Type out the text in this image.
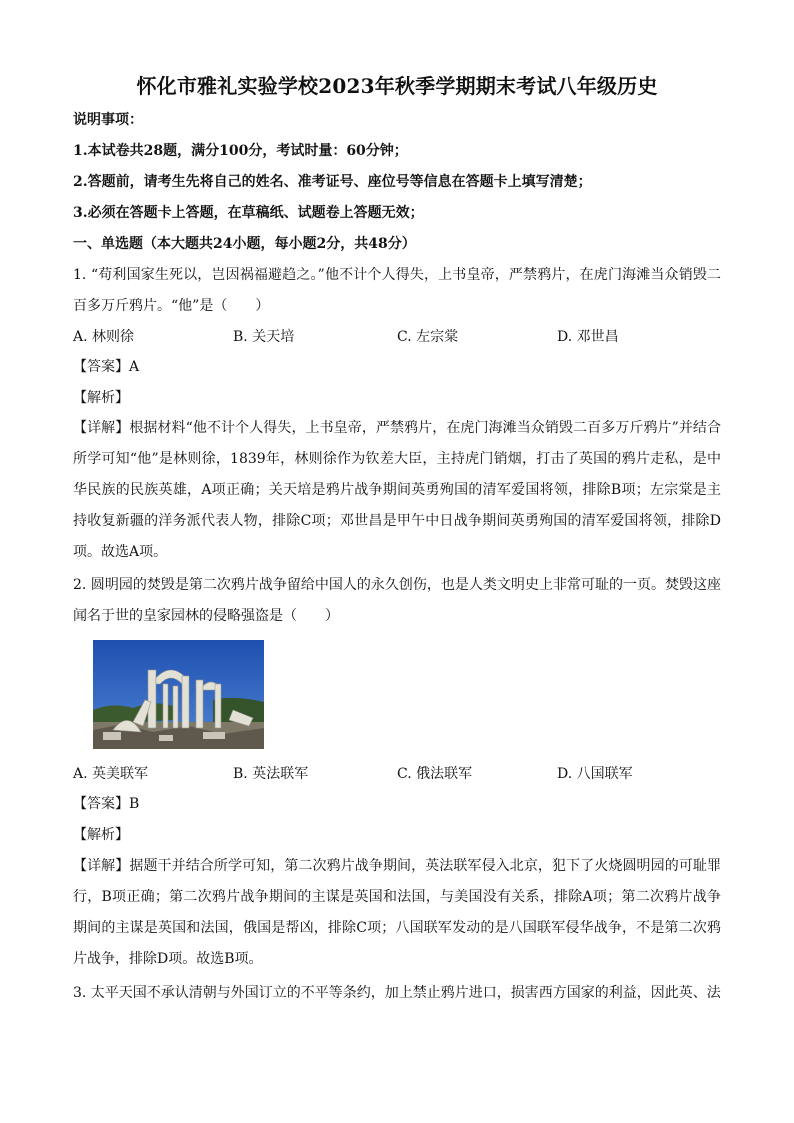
怀化市雅礼实验学校2023年秋季学期期末考试八年级历史
说明事项：
1.本试卷共28题，满分100分，考试时量：60分钟；
2.答题前，请考生先将自己的姓名、准考证号、座位号等信息在答题卡上填写清楚；
3.必须在答题卡上答题，在草稿纸、试题卷上答题无效；
一、单选题（本大题共24小题，每小题2分，共48分）
1. “苟利国家生死以，岂因祸福避趋之。”他不计个人得失，上书皇帝，严禁鸦片，在虎门海滩当众销毁二百多万斤鸦片。“他”是（　　）
A. 林则徐	B. 关天培	C. 左宗棠	D. 邓世昌
【答案】A
【解析】
【详解】根据材料“他不计个人得失，上书皇帝，严禁鸦片，在虎门海滩当众销毁二百多万斤鸦片”并结合所学可知“他”是林则徐，1839年，林则徐作为钦差大臣，主持虎门销烟，打击了英国的鸦片走私，是中华民族的民族英雄，A项正确；关天培是鸦片战争期间英勇殉国的清军爱国将领，排除B项；左宗棠是主持收复新疆的洋务派代表人物，排除C项；邓世昌是甲午中日战争期间英勇殉国的清军爱国将领，排除D项。故选A项。
2. 圆明园的焚毁是第二次鸦片战争留给中国人的永久创伤，也是人类文明史上非常可耻的一页。焚毁这座闻名于世的皇家园林的侵略强盗是（　　）
A. 英美联军	B. 英法联军	C. 俄法联军	D. 八国联军
【答案】B
【解析】
【详解】据题干并结合所学可知，第二次鸦片战争期间，英法联军侵入北京，犯下了火烧圆明园的可耻罪行，B项正确；第二次鸦片战争期间的主谋是英国和法国，与美国没有关系，排除A项；第二次鸦片战争期间的主谋是英国和法国，俄国是帮凶，排除C项；八国联军发动的是八国联军侵华战争，不是第二次鸦片战争，排除D项。故选B项。
3. 太平天国不承认清朝与外国订立的不平等条约，加上禁止鸦片进口，损害西方国家的利益，因此英、法
